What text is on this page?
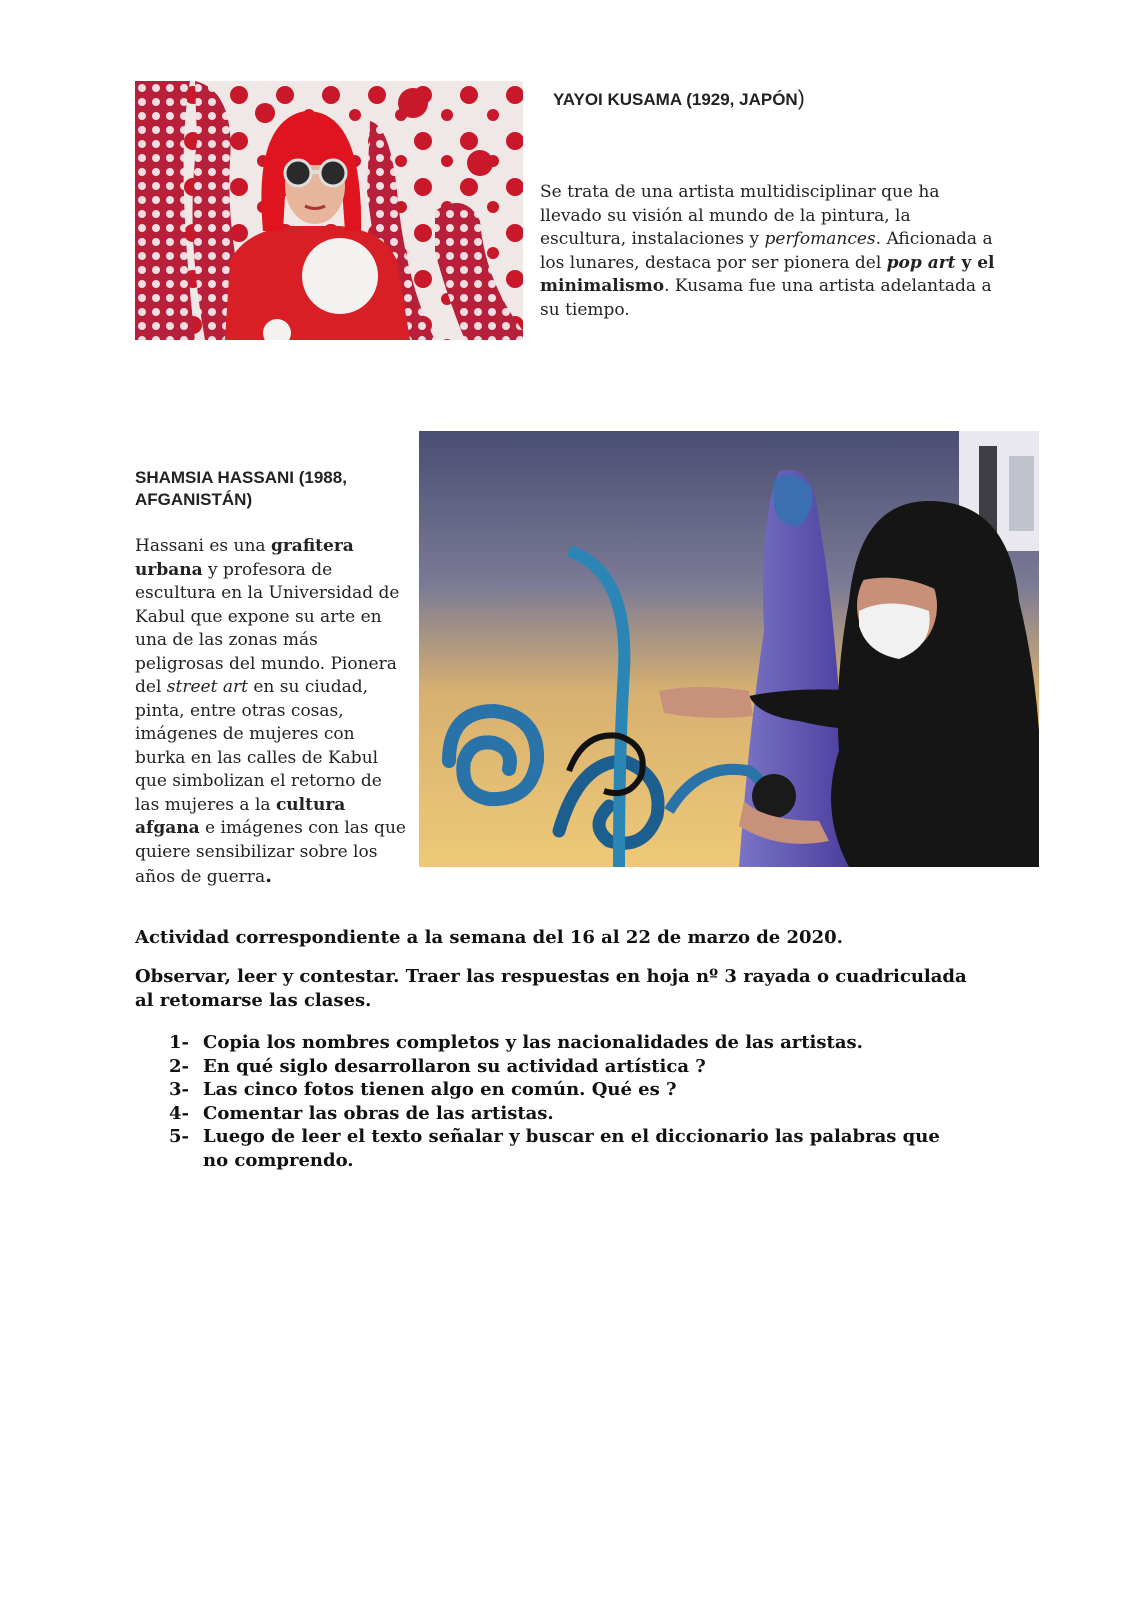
YAYOI KUSAMA (1929, JAPÓN)
Se trata de una artista multidisciplinar que ha llevado su visión al mundo de la pintura, la escultura, instalaciones y perfomances. Aficionada a los lunares, destaca por ser pionera del pop art y el minimalismo. Kusama fue una artista adelantada a su tiempo.
SHAMSIA HASSANI (1988,
AFGANISTÁN)
Hassani es una grafitera urbana y profesora de escultura en la Universidad de Kabul que expone su arte en una de las zonas más peligrosas del mundo. Pionera del street art en su ciudad, pinta, entre otras cosas, imágenes de mujeres con burka en las calles de Kabul que simbolizan el retorno de las mujeres a la cultura afgana e imágenes con las que quiere sensibilizar sobre los años de guerra.
Actividad correspondiente a la semana del 16 al 22 de marzo de 2020.
Observar, leer y contestar. Traer las respuestas en hoja nº 3 rayada o cuadriculada al retomarse las clases.
1- Copia los nombres completos y las nacionalidades de las artistas.
2- En qué siglo desarrollaron su actividad artística ?
3- Las cinco fotos tienen algo en común. Qué es ?
4- Comentar las obras de las artistas.
5- Luego de leer el texto señalar y buscar en el diccionario las palabras que no comprendo.
